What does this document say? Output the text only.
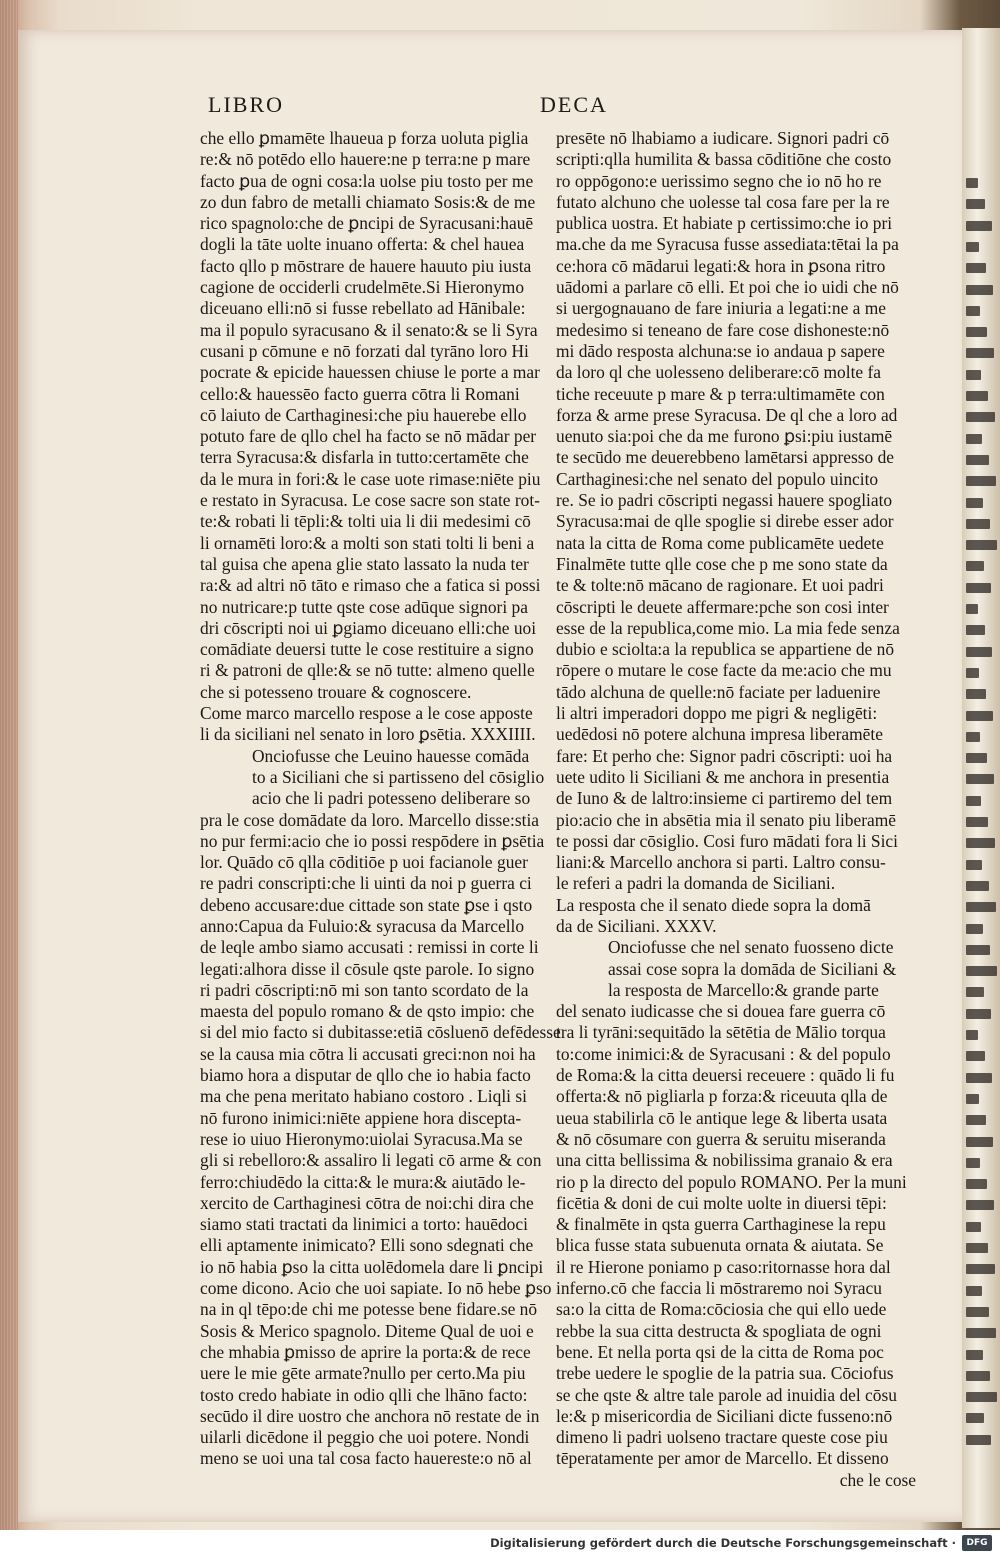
LIBRO	DECA
che ello ꝑmamēte lhaueua p forza uoluta piglia
re:& nō potēdo ello hauere:ne p terra:ne p mare
facto ꝑua de ogni cosa:la uolse piu tosto per me
zo dun fabro de metalli chiamato Sosis:& de me
rico spagnolo:che de ꝑncipi de Syracusani:hauē
dogli la tāte uolte inuano offerta: & chel hauea
facto qllo p mōstrare de hauere hauuto piu iusta
cagione de occiderli crudelmēte.Si Hieronymo
diceuano elli:nō si fusse rebellato ad Hānibale:
ma il populo syracusano & il senato:& se li Syra
cusani p cōmune e nō forzati dal tyrāno loro Hi
pocrate & epicide hauessen chiuse le porte a mar
cello:& hauessēo facto guerra cōtra li Romani
cō laiuto de Carthaginesi:che piu hauerebe ello
potuto fare de qllo chel ha facto se nō mādar per
terra Syracusa:& disfarla in tutto:certamēte che
da le mura in fori:& le case uote rimase:niēte piu
e restato in Syracusa. Le cose sacre son state rot-
te:& robati li tēpli:& tolti uia li dii medesimi cō
li ornamēti loro:& a molti son stati tolti li beni a
tal guisa che apena glie stato lassato la nuda ter
ra:& ad altri nō tāto e rimaso che a fatica si possi
no nutricare:p tutte qste cose adūque signori pa
dri cōscripti noi ui ꝑgiamo diceuano elli:che uoi
comādiate deuersi tutte le cose restituire a signo
ri & patroni de qlle:& se nō tutte: almeno quelle
che si potesseno trouare & cognoscere.
Come marco marcello respose a le cose apposte
li da siciliani nel senato in loro ꝑsētia. XXXIIII.
Onciofusse che Leuino hauesse comāda
to a Siciliani che si partisseno del cōsiglio
acio che li padri potesseno deliberare so
pra le cose domādate da loro. Marcello disse:stia
no pur fermi:acio che io possi respōdere in ꝑsētia
lor. Quādo cō qlla cōditiōe p uoi facianole guer
re padri conscripti:che li uinti da noi p guerra ci
debeno accusare:due cittade son state ꝑse i qsto
anno:Capua da Fuluio:& syracusa da Marcello
de leqle ambo siamo accusati : remissi in corte li
legati:alhora disse il cōsule qste parole. Io signo
ri padri cōscripti:nō mi son tanto scordato de la
maesta del populo romano & de qsto impio: che
si del mio facto si dubitasse:etiā cōsluenō defēdesse
se la causa mia cōtra li accusati greci:non noi ha
biamo hora a disputar de qllo che io habia facto
ma che pena meritato habiano costoro . Liqli si
nō furono inimici:niēte appiene hora discepta-
rese io uiuo Hieronymo:uiolai Syracusa.Ma se
gli si rebelloro:& assaliro li legati cō arme & con
ferro:chiudēdo la citta:& le mura:& aiutādo le-
xercito de Carthaginesi cōtra de noi:chi dira che
siamo stati tractati da linimici a torto: hauēdoci
elli aptamente inimicato? Elli sono sdegnati che
io nō habia ꝑso la citta uolēdomela dare li ꝑncipi
come dicono. Acio che uoi sapiate. Io nō hebe ꝑso
na in ql tēpo:de chi me potesse bene fidare.se nō
Sosis & Merico spagnolo. Diteme Qual de uoi e
che mhabia ꝑmisso de aprire la porta:& de rece
uere le mie gēte armate?nullo per certo.Ma piu
tosto credo habiate in odio qlli che lhāno facto:
secūdo il dire uostro che anchora nō restate de in
uilarli dicēdone il peggio che uoi potere. Nondi
meno se uoi una tal cosa facto hauereste:o nō al
presēte nō lhabiamo a iudicare. Signori padri cō
scripti:qlla humilita & bassa cōditiōne che costo
ro oppōgono:e uerissimo segno che io nō ho re
futato alchuno che uolesse tal cosa fare per la re
publica uostra. Et habiate p certissimo:che io pri
ma.che da me Syracusa fusse assediata:tētai la pa
ce:hora cō mādarui legati:& hora in ꝑsona ritro
uādomi a parlare cō elli. Et poi che io uidi che nō
si uergognauano de fare iniuria a legati:ne a me
medesimo si teneano de fare cose dishoneste:nō
mi dādo resposta alchuna:se io andaua p sapere
da loro ql che uolesseno deliberare:cō molte fa
tiche receuute p mare & p terra:ultimamēte con
forza & arme prese Syracusa. De ql che a loro ad
uenuto sia:poi che da me furono ꝑsi:piu iustamē
te secūdo me deuerebbeno lamētarsi appresso de
Carthaginesi:che nel senato del populo uincito
re. Se io padri cōscripti negassi hauere spogliato
Syracusa:mai de qlle spoglie si direbe esser ador
nata la citta de Roma come publicamēte uedete
Finalmēte tutte qlle cose che p me sono state da
te & tolte:nō mācano de ragionare. Et uoi padri
cōscripti le deuete affermare:pche son cosi inter
esse de la republica,come mio. La mia fede senza
dubio e sciolta:a la republica se appartiene de nō
rōpere o mutare le cose facte da me:acio che mu
tādo alchuna de quelle:nō faciate per laduenire
li altri imperadori doppo me pigri & negligēti:
uedēdosi nō potere alchuna impresa liberamēte
fare: Et perho che: Signor padri cōscripti: uoi ha
uete udito li Siciliani & me anchora in presentia
de Iuno & de laltro:insieme ci partiremo del tem
pio:acio che in absētia mia il senato piu liberamē
te possi dar cōsiglio. Cosi furo mādati fora li Sici
liani:& Marcello anchora si parti. Laltro consu-
le referi a padri la domanda de Siciliani.
La resposta che il senato diede sopra la domā
da de Siciliani. XXXV.
Onciofusse che nel senato fuosseno dicte
assai cose sopra la domāda de Siciliani &
la resposta de Marcello:& grande parte
del senato iudicasse che si douea fare guerra cō
tra li tyrāni:sequitādo la sētētia de Mālio torqua
to:come inimici:& de Syracusani : & del populo
de Roma:& la citta deuersi receuere : quādo li fu
offerta:& nō pigliarla p forza:& riceuuta qlla de
ueua stabilirla cō le antique lege & liberta usata
& nō cōsumare con guerra & seruitu miseranda
una citta bellissima & nobilissima granaio & era
rio p la directo del populo ROMANO. Per la muni
ficētia & doni de cui molte uolte in diuersi tēpi:
& finalmēte in qsta guerra Carthaginese la repu
blica fusse stata subuenuta ornata & aiutata. Se
il re Hierone poniamo p caso:ritornasse hora dal
inferno.cō che faccia li mōstraremo noi Syracu
sa:o la citta de Roma:cōciosia che qui ello uede
rebbe la sua citta destructa & spogliata de ogni
bene. Et nella porta qsi de la citta de Roma poc
trebe uedere le spoglie de la patria sua. Cōciofus
se che qste & altre tale parole ad inuidia del cōsu
le:& p misericordia de Siciliani dicte fusseno:nō
dimeno li padri uolseno tractare queste cose piu
tēperatamente per amor de Marcello. Et disseno
che le cose
Digitalisierung gefördert durch die Deutsche Forschungsgemeinschaft ·	DFG
